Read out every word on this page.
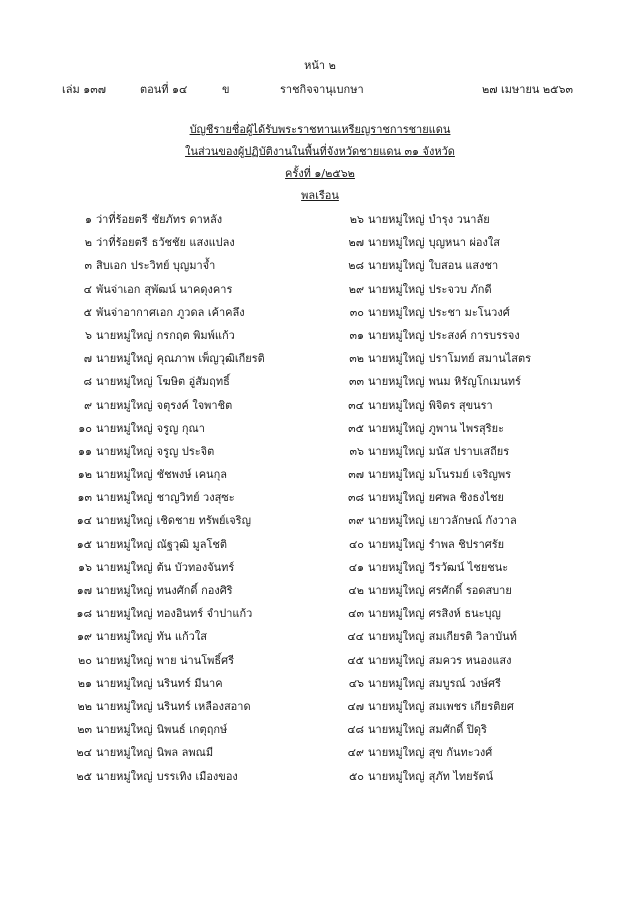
หน้า ๒
เล่ม ๑๓๗	ตอนที่ ๑๔	ข	ราชกิจจานุเบกษา	๒๗ เมษายน ๒๕๖๓
บัญชีรายชื่อผู้ได้รับพระราชทานเหรียญราชการชายแดน
ในส่วนของผู้ปฏิบัติงานในพื้นที่จังหวัดชายแดน ๓๑ จังหวัด
ครั้งที่ ๑/๒๕๖๒
พลเรือน
๑ ว่าที่ร้อยตรี ชัยภัทร ดาหลัง
๒ ว่าที่ร้อยตรี ธวัชชัย แสงแปลง
๓ สิบเอก ประวิทย์ บุญมาจ้ำ
๔ พันจ่าเอก สุพัฒน์ นาคดุงคาร
๕ พันจ่าอากาศเอก ภูวดล เค้าคลึง
๖ นายหมู่ใหญ่ กรกฤต พิมพ์แก้ว
๗ นายหมู่ใหญ่ คุณภาพ เพ็ญวุฒิเกียรติ
๘ นายหมู่ใหญ่ โฆษิต อู่สัมฤทธิ์
๙ นายหมู่ใหญ่ จตุรงค์ ใจพาชิต
๑๐ นายหมู่ใหญ่ จรูญ กุณา
๑๑ นายหมู่ใหญ่ จรูญ ประจิต
๑๒ นายหมู่ใหญ่ ชัชพงษ์ เคนกุล
๑๓ นายหมู่ใหญ่ ชาญวิทย์ วงสุซะ
๑๔ นายหมู่ใหญ่ เชิดชาย ทรัพย์เจริญ
๑๕ นายหมู่ใหญ่ ณัฐวุฒิ มูลโชติ
๑๖ นายหมู่ใหญ่ ต้น บัวทองจันทร์
๑๗ นายหมู่ใหญ่ ทนงศักดิ์ กองศิริ
๑๘ นายหมู่ใหญ่ ทองอินทร์ จำปาแก้ว
๑๙ นายหมู่ใหญ่ ทัน แก้วใส
๒๐ นายหมู่ใหญ่ พาย น่านโพธิ์ศรี
๒๑ นายหมู่ใหญ่ นรินทร์ มีนาค
๒๒ นายหมู่ใหญ่ นรินทร์ เหลืองสอาด
๒๓ นายหมู่ใหญ่ นิพนธ์ เกตุฤกษ์
๒๔ นายหมู่ใหญ่ นิพล ลพณมี
๒๕ นายหมู่ใหญ่ บรรเทิง เมืองของ
๒๖ นายหมู่ใหญ่ บำรุง วนาลัย
๒๗ นายหมู่ใหญ่ บุญหนา ผ่องใส
๒๘ นายหมู่ใหญ่ ใบสอน แสงชา
๒๙ นายหมู่ใหญ่ ประจวบ ภักดี
๓๐ นายหมู่ใหญ่ ประชา มะโนวงศ์
๓๑ นายหมู่ใหญ่ ประสงค์ การบรรจง
๓๒ นายหมู่ใหญ่ ปราโมทย์ สมานไสตร
๓๓ นายหมู่ใหญ่ พนม หิรัญโกเมนทร์
๓๔ นายหมู่ใหญ่ พิจิตร สุขนรา
๓๕ นายหมู่ใหญ่ ภูพาน ไพรสุริยะ
๓๖ นายหมู่ใหญ่ มนัส ปราบเสถียร
๓๗ นายหมู่ใหญ่ มโนรมย์ เจริญพร
๓๘ นายหมู่ใหญ่ ยศพล ชิงธงไชย
๓๙ นายหมู่ใหญ่ เยาวลักษณ์ กังวาล
๔๐ นายหมู่ใหญ่ รำพล ชิปราศรัย
๔๑ นายหมู่ใหญ่ วีรวัฒน์ ไชยชนะ
๔๒ นายหมู่ใหญ่ ศรศักดิ์ รอดสบาย
๔๓ นายหมู่ใหญ่ ศรสิงห์ ธนะบุญ
๔๔ นายหมู่ใหญ่ สมเกียรติ วิลาบันท์
๔๕ นายหมู่ใหญ่ สมควร หนองแสง
๔๖ นายหมู่ใหญ่ สมบูรณ์ วงษ์ศรี
๔๗ นายหมู่ใหญ่ สมเพชร เกียรติยศ
๔๘ นายหมู่ใหญ่ สมศักดิ์ ปิดุริ
๔๙ นายหมู่ใหญ่ สุข กันทะวงศ์
๕๐ นายหมู่ใหญ่ สุภัท ไทยรัตน์
